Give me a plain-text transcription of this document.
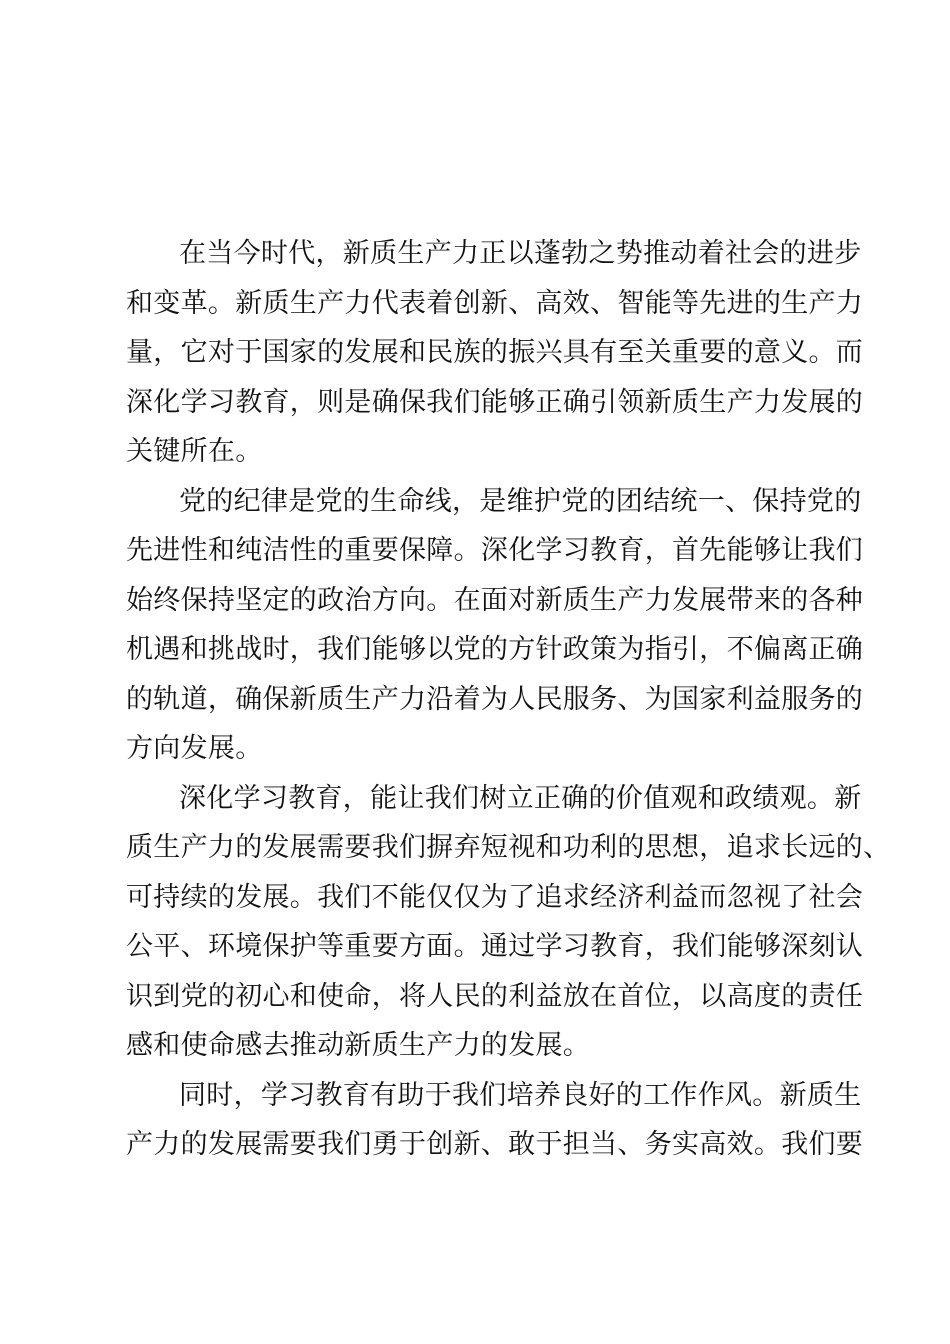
在当今时代，新质生产力正以蓬勃之势推动着社会的进步
和变革。新质生产力代表着创新、高效、智能等先进的生产力
量，它对于国家的发展和民族的振兴具有至关重要的意义。而
深化学习教育，则是确保我们能够正确引领新质生产力发展的
关键所在。
党的纪律是党的生命线，是维护党的团结统一、保持党的
先进性和纯洁性的重要保障。深化学习教育，首先能够让我们
始终保持坚定的政治方向。在面对新质生产力发展带来的各种
机遇和挑战时，我们能够以党的方针政策为指引，不偏离正确
的轨道，确保新质生产力沿着为人民服务、为国家利益服务的
方向发展。
深化学习教育，能让我们树立正确的价值观和政绩观。新
质生产力的发展需要我们摒弃短视和功利的思想，追求长远的、
可持续的发展。我们不能仅仅为了追求经济利益而忽视了社会
公平、环境保护等重要方面。通过学习教育，我们能够深刻认
识到党的初心和使命，将人民的利益放在首位，以高度的责任
感和使命感去推动新质生产力的发展。
同时，学习教育有助于我们培养良好的工作作风。新质生
产力的发展需要我们勇于创新、敢于担当、务实高效。我们要
